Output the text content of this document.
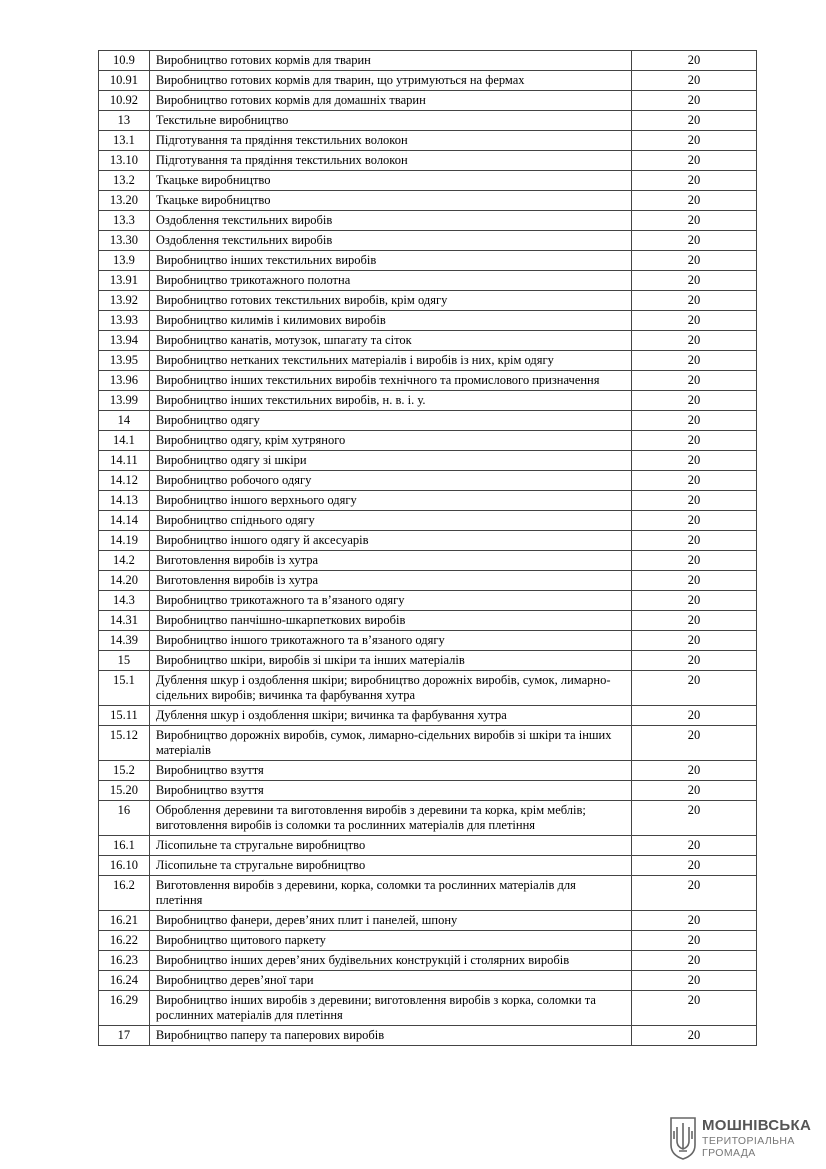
10.9	Виробництво готових кормів для тварин	20
10.91	Виробництво готових кормів для тварин, що утримуються на фермах	20
10.92	Виробництво готових кормів для домашніх тварин	20
13	Текстильне виробництво	20
13.1	Підготування та прядіння текстильних волокон	20
13.10	Підготування та прядіння текстильних волокон	20
13.2	Ткацьке виробництво	20
13.20	Ткацьке виробництво	20
13.3	Оздоблення текстильних виробів	20
13.30	Оздоблення текстильних виробів	20
13.9	Виробництво інших текстильних виробів	20
13.91	Виробництво трикотажного полотна	20
13.92	Виробництво готових текстильних виробів, крім одягу	20
13.93	Виробництво килимів і килимових виробів	20
13.94	Виробництво канатів, мотузок, шпагату та сіток	20
13.95	Виробництво нетканих текстильних матеріалів і виробів із них, крім одягу	20
13.96	Виробництво інших текстильних виробів технічного та промислового призначення	20
13.99	Виробництво інших текстильних виробів, н. в. і. у.	20
14	Виробництво одягу	20
14.1	Виробництво одягу, крім хутряного	20
14.11	Виробництво одягу зі шкіри	20
14.12	Виробництво робочого одягу	20
14.13	Виробництво іншого верхнього одягу	20
14.14	Виробництво спіднього одягу	20
14.19	Виробництво іншого одягу й аксесуарів	20
14.2	Виготовлення виробів із хутра	20
14.20	Виготовлення виробів із хутра	20
14.3	Виробництво трикотажного та в’язаного одягу	20
14.31	Виробництво панчішно-шкарпеткових виробів	20
14.39	Виробництво іншого трикотажного та в’язаного одягу	20
15	Виробництво шкіри, виробів зі шкіри та інших матеріалів	20
15.1	Дублення шкур і оздоблення шкіри; виробництво дорожніх виробів, сумок, лимарно-сідельних виробів; вичинка та фарбування хутра	20
15.11	Дублення шкур і оздоблення шкіри; вичинка та фарбування хутра	20
15.12	Виробництво дорожніх виробів, сумок, лимарно-сідельних виробів зі шкіри та інших матеріалів	20
15.2	Виробництво взуття	20
15.20	Виробництво взуття	20
16	Оброблення деревини та виготовлення виробів з деревини та корка, крім меблів; виготовлення виробів із соломки та рослинних матеріалів для плетіння	20
16.1	Лісопильне та стругальне виробництво	20
16.10	Лісопильне та стругальне виробництво	20
16.2	Виготовлення виробів з деревини, корка, соломки та рослинних матеріалів для плетіння	20
16.21	Виробництво фанери, дерев’яних плит і панелей, шпону	20
16.22	Виробництво щитового паркету	20
16.23	Виробництво інших дерев’яних будівельних конструкцій і столярних виробів	20
16.24	Виробництво дерев’яної тари	20
16.29	Виробництво інших виробів з деревини; виготовлення виробів з корка, соломки та рослинних матеріалів для плетіння	20
17	Виробництво паперу та паперових виробів	20
МОШНІВСЬКА
ТЕРИТОРІАЛЬНА
ГРОМАДА
